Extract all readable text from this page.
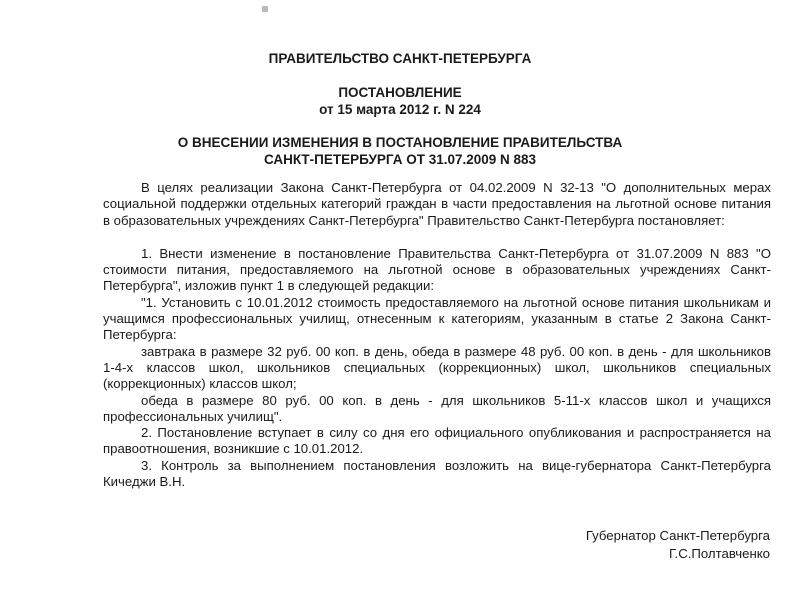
ПРАВИТЕЛЬСТВО САНКТ-ПЕТЕРБУРГА
ПОСТАНОВЛЕНИЕ
от 15 марта 2012 г. N 224
О ВНЕСЕНИИ ИЗМЕНЕНИЯ В ПОСТАНОВЛЕНИЕ ПРАВИТЕЛЬСТВА
САНКТ-ПЕТЕРБУРГА ОТ 31.07.2009 N 883

В целях реализации Закона Санкт-Петербурга от 04.02.2009 N 32-13 "О дополнительных мерах социальной поддержки отдельных категорий граждан в части предоставления на льготной основе питания в образовательных учреждениях Санкт-Петербурга" Правительство Санкт-Петербурга постановляет:

1. Внести изменение в постановление Правительства Санкт-Петербурга от 31.07.2009 N 883 "О стоимости питания, предоставляемого на льготной основе в образовательных учреждениях Санкт-Петербурга", изложив пункт 1 в следующей редакции:

"1. Установить с 10.01.2012 стоимость предоставляемого на льготной основе питания школьникам и учащимся профессиональных училищ, отнесенным к категориям, указанным в статье 2 Закона Санкт-Петербурга:

завтрака в размере 32 руб. 00 коп. в день, обеда в размере 48 руб. 00 коп. в день - для школьников 1-4-х классов школ, школьников специальных (коррекционных) школ, школьников специальных (коррекционных) классов школ;

обеда в размере 80 руб. 00 коп. в день - для школьников 5-11-х классов школ и учащихся профессиональных училищ".

2. Постановление вступает в силу со дня его официального опубликования и распространяется на правоотношения, возникшие с 10.01.2012.

3. Контроль за выполнением постановления возложить на вице-губернатора Санкт-Петербурга Кичеджи В.Н.

Губернатор Санкт-Петербурга
Г.С.Полтавченко
